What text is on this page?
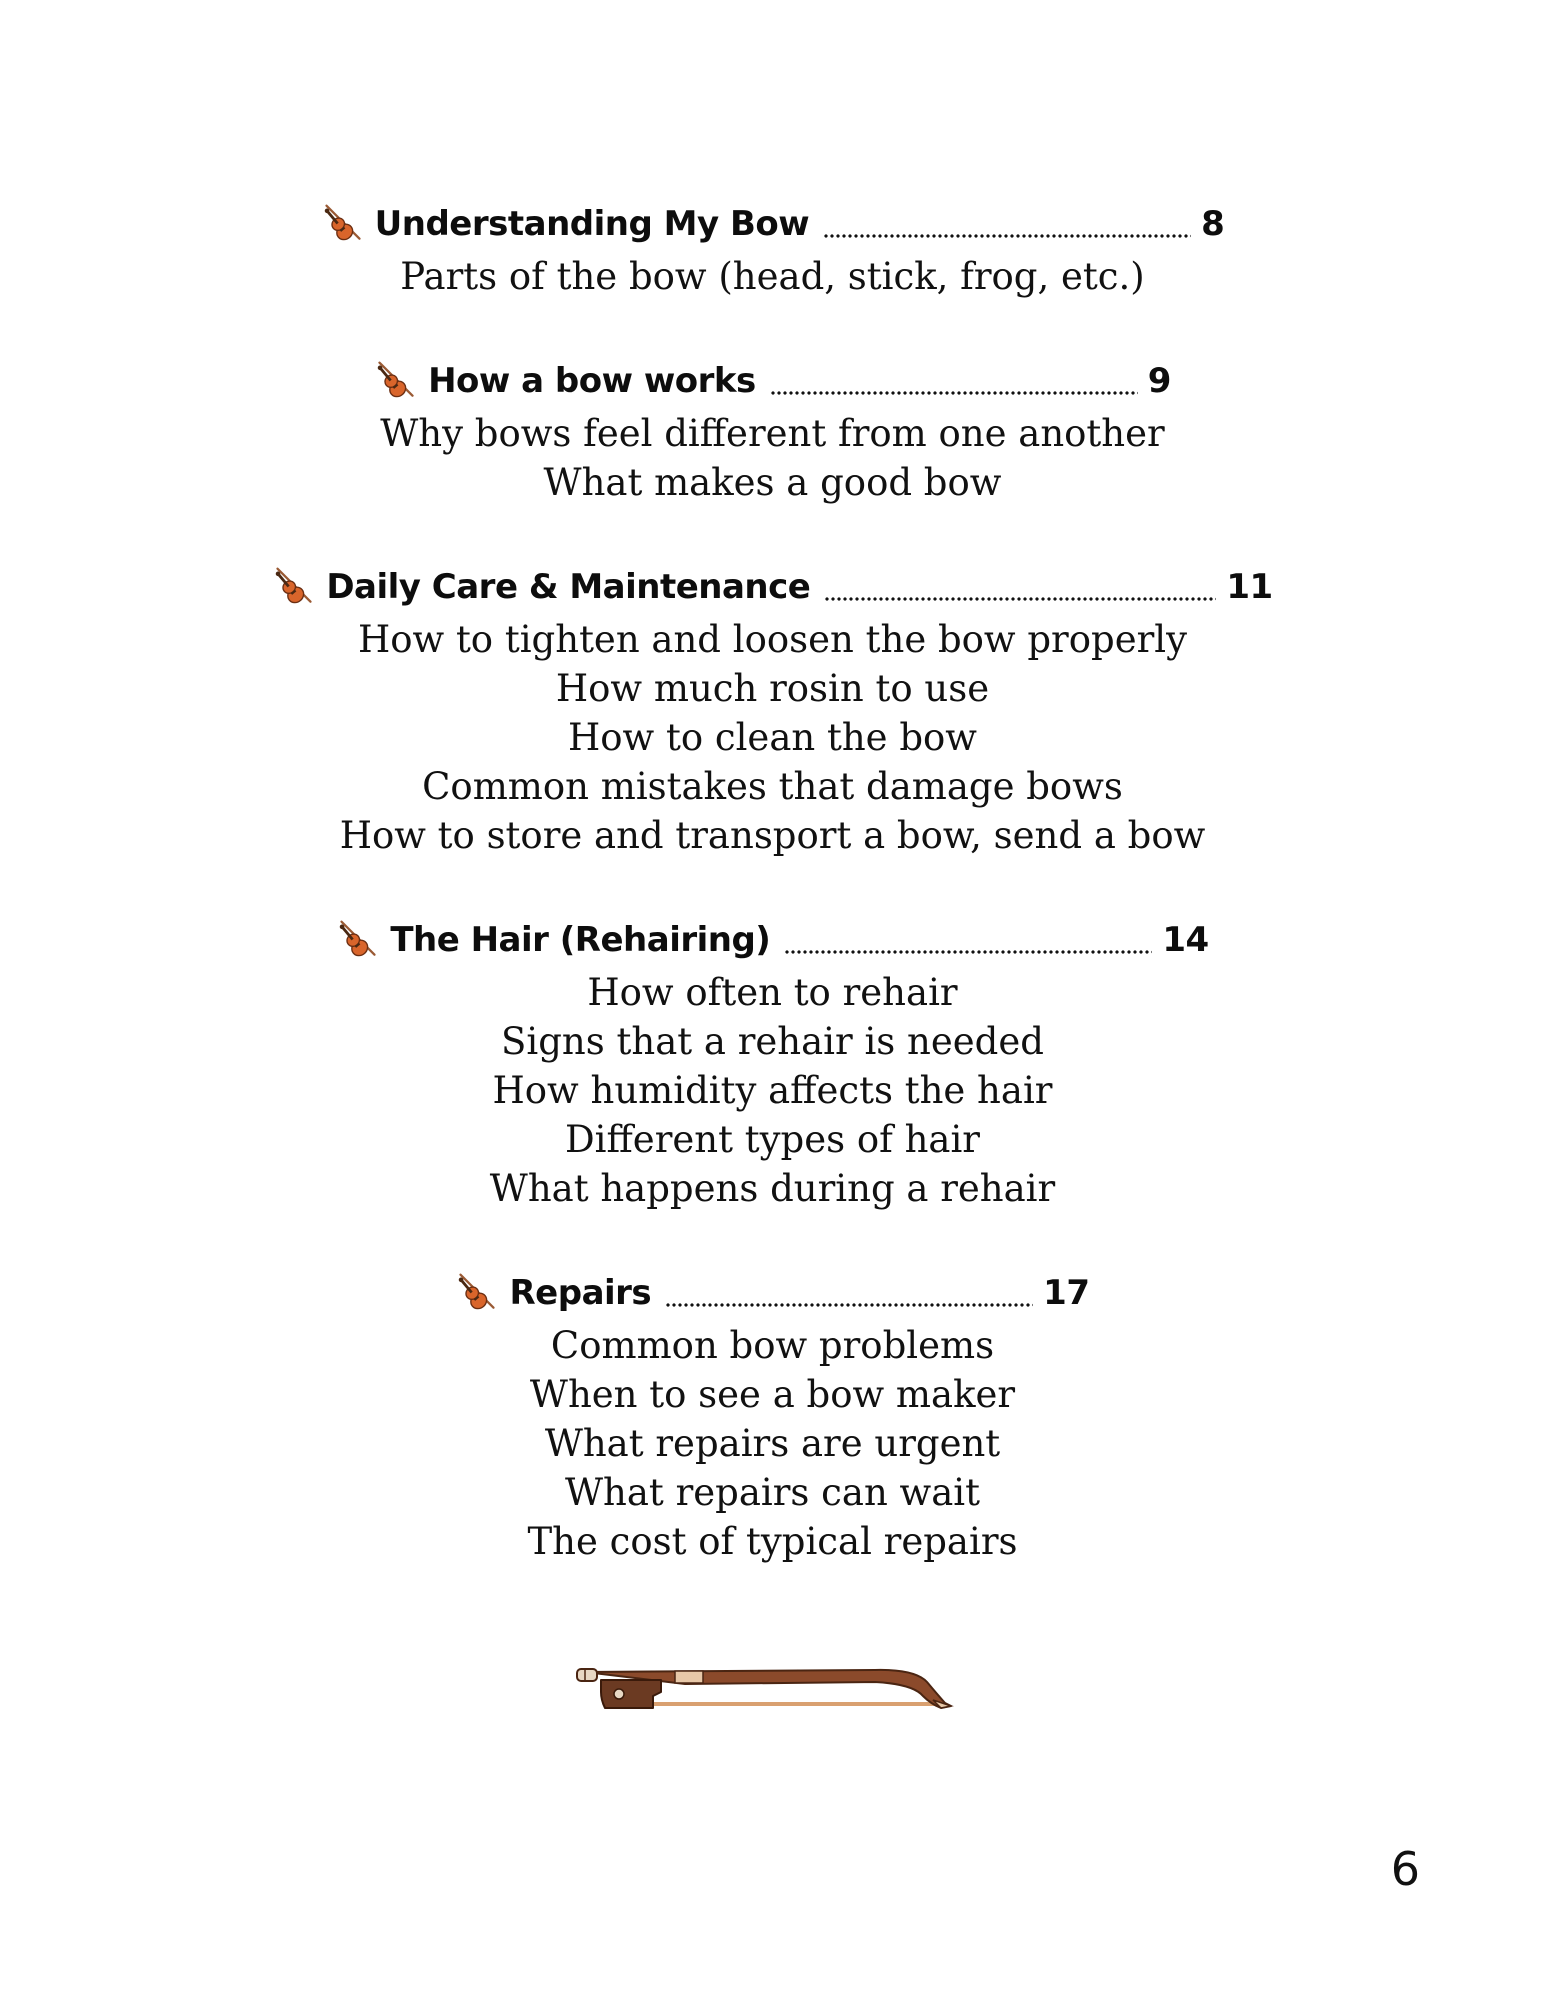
Understanding My Bow	8
Parts of the bow (head, stick, frog, etc.)
How a bow works	9
Why bows feel different from one another
What makes a good bow
Daily Care & Maintenance	11
How to tighten and loosen the bow properly
How much rosin to use
How to clean the bow
Common mistakes that damage bows
How to store and transport a bow, send a bow
The Hair (Rehairing)	14
How often to rehair
Signs that a rehair is needed
How humidity affects the hair
Different types of hair
What happens during a rehair
Repairs	17
Common bow problems
When to see a bow maker
What repairs are urgent
What repairs can wait
The cost of typical repairs
6
